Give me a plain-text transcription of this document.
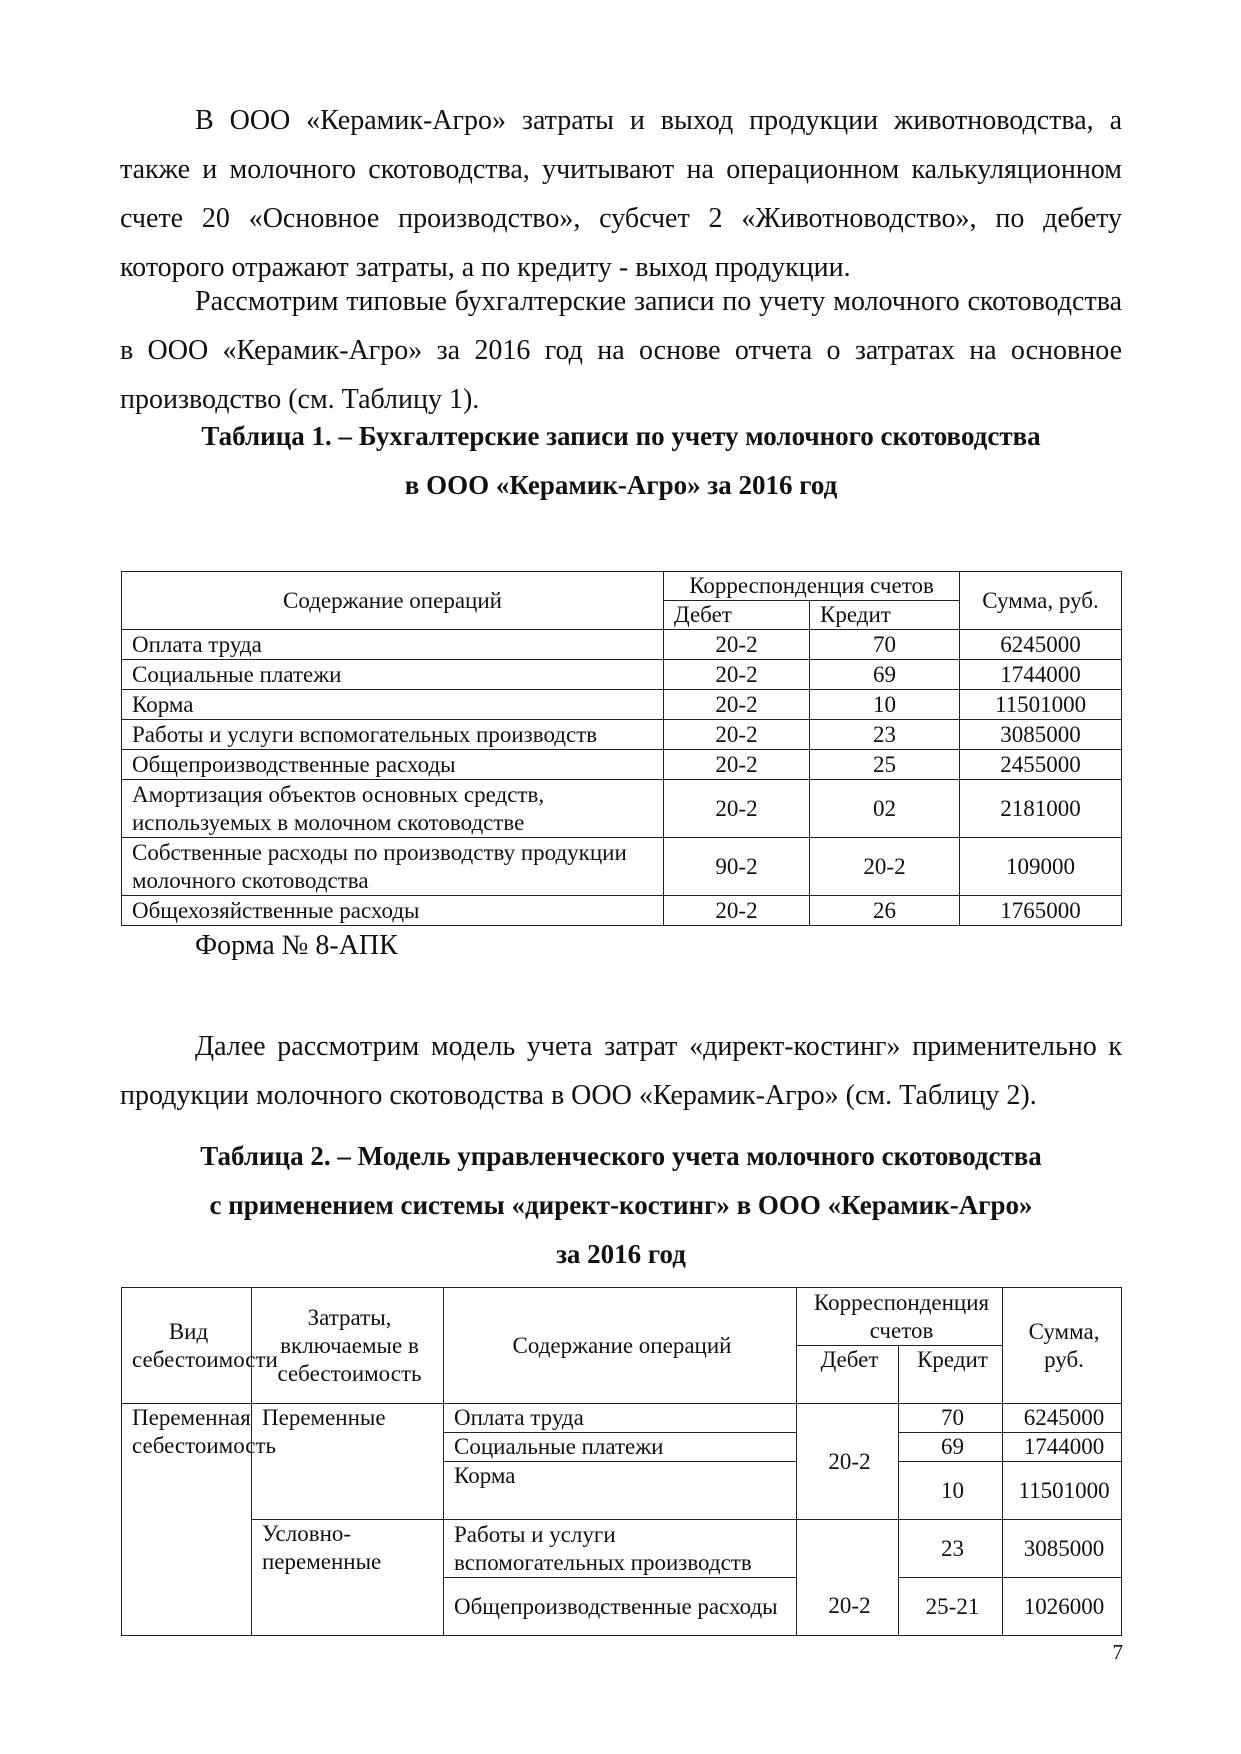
В ООО «Керамик-Агро» затраты и выход продукции животноводства, а также и молочного скотоводства, учитывают на операционном калькуляционном счете 20 «Основное производство», субсчет 2 «Животноводство», по дебету которого отражают затраты, а по кредиту - выход продукции.

Рассмотрим типовые бухгалтерские записи по учету молочного скотоводства в ООО «Керамик-Агро» за 2016 год на основе отчета о затратах на основное производство (см. Таблицу 1).

Таблица 1. – Бухгалтерские записи по учету молочного скотоводства

в ООО «Керамик-Агро» за 2016 год

Содержание операций	Корреспонденция счетов		Сумма, руб.
	Дебет	Кредит	
Оплата труда	20-2	70	6245000
Социальные платежи	20-2	69	1744000
Корма	20-2	10	11501000
Работы и услуги вспомогательных производств	20-2	23	3085000
Общепроизводственные расходы	20-2	25	2455000
Амортизация объектов основных средств, используемых в молочном скотоводстве	20-2	02	2181000
Собственные расходы по производству продукции молочного скотоводства	90-2	20-2	109000
Общехозяйственные расходы	20-2	26	1765000
Форма № 8-АПК

Далее рассмотрим модель учета затрат «директ-костинг» применительно к продукции молочного скотоводства в ООО «Керамик-Агро» (см. Таблицу 2).

Таблица 2. – Модель управленческого учета молочного скотоводства

с применением системы «директ-костинг» в ООО «Керамик-Агро»

за 2016 год

Вид себестоимости	Затраты, включаемые в себестоимость	Содержание операций	Корреспонденция счетов		Сумма, руб.
			Дебет	Кредит	
Переменная себестоимость	Переменные	Оплата труда	20-2	70	6245000
		Социальные платежи		69	1744000
		Корма		10	11501000
	Условно-переменные	Работы и услуги вспомогательных производств		23	3085000
		Общепроизводственные расходы	20-2	25-21	1026000
7
